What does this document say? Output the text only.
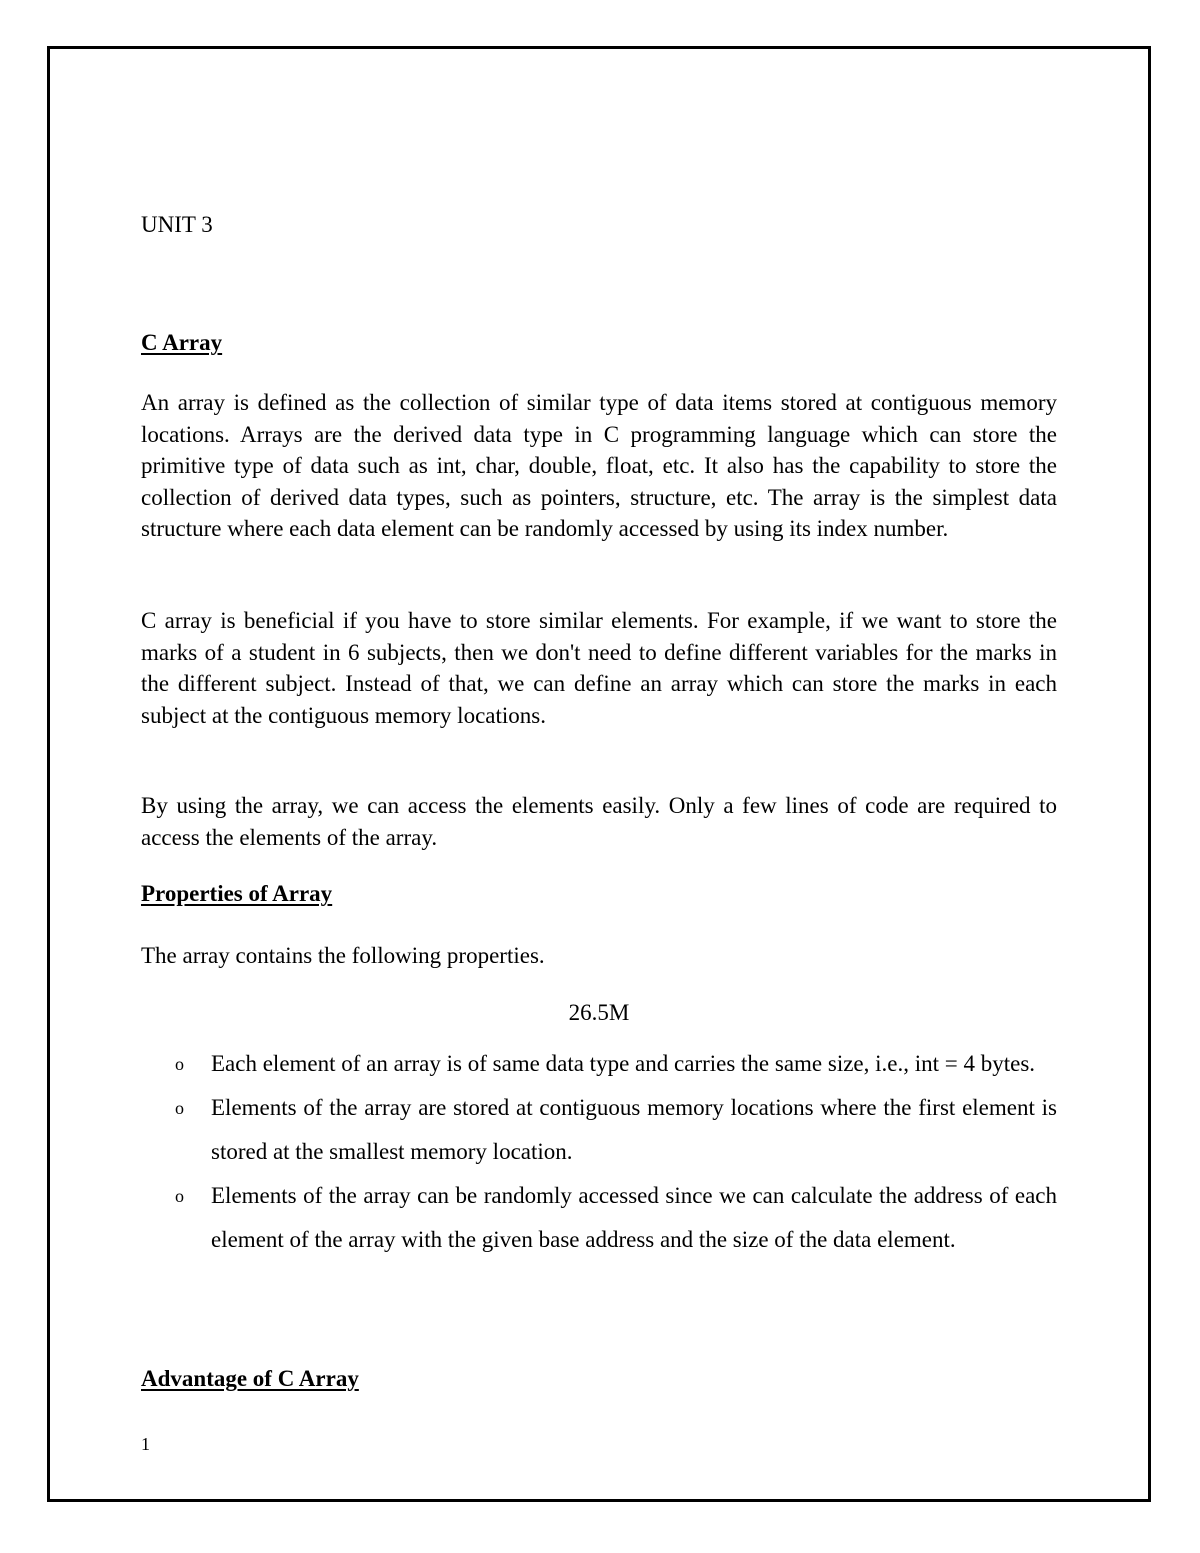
UNIT 3
C Array

An array is defined as the collection of similar type of data items stored at contiguous memory locations. Arrays are the derived data type in C programming language which can store the primitive type of data such as int, char, double, float, etc. It also has the capability to store the collection of derived data types, such as pointers, structure, etc. The array is the simplest data structure where each data element can be randomly accessed by using its index number.

C array is beneficial if you have to store similar elements. For example, if we want to store the marks of a student in 6 subjects, then we don't need to define different variables for the marks in the different subject. Instead of that, we can define an array which can store the marks in each subject at the contiguous memory locations.

By using the array, we can access the elements easily. Only a few lines of code are required to access the elements of the array.

Properties of Array

The array contains the following properties.

26.5M

o Each element of an array is of same data type and carries the same size, i.e., int = 4 bytes.
o Elements of the array are stored at contiguous memory locations where the first element is stored at the smallest memory location.
o Elements of the array can be randomly accessed since we can calculate the address of each element of the array with the given base address and the size of the data element.
Advantage of C Array

1
